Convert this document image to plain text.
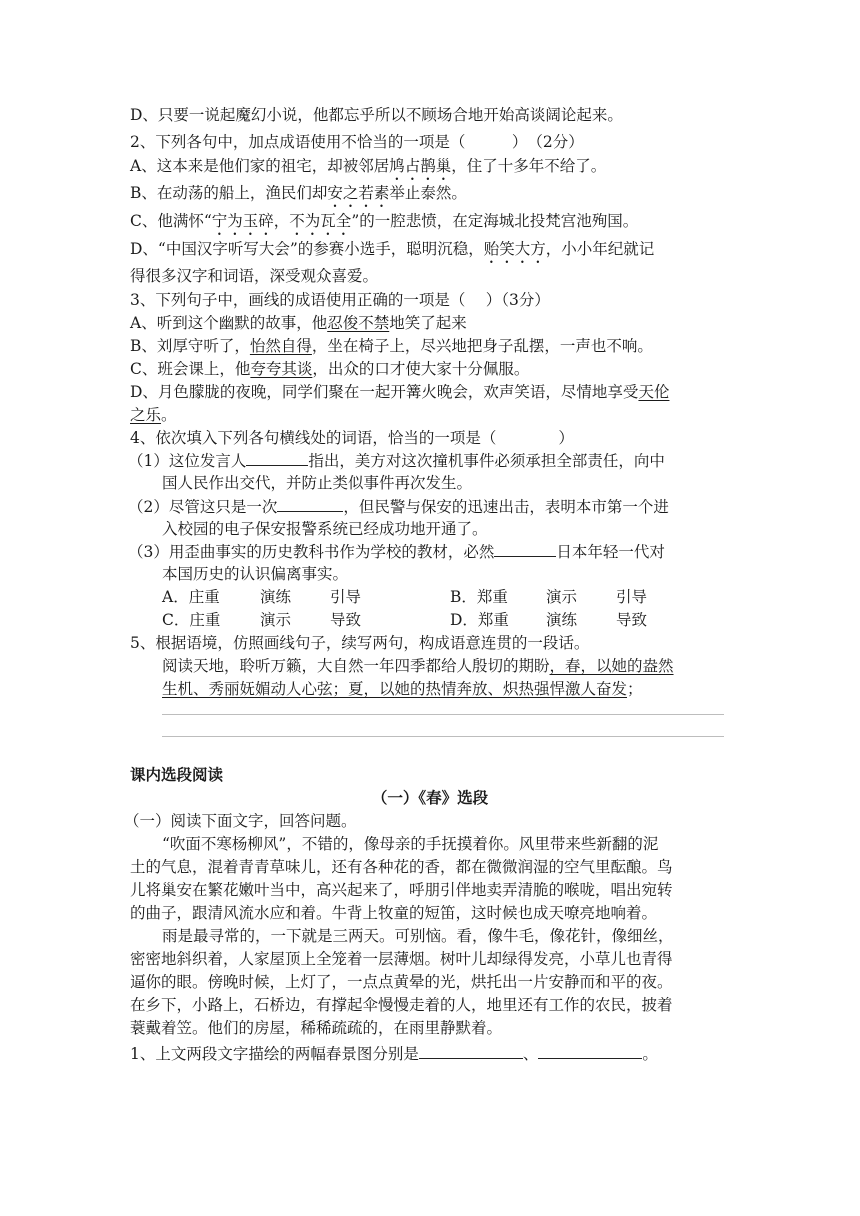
D、只要一说起魔幻小说，他都忘乎所以不顾场合地开始高谈阔论起来。
2、下列各句中，加点成语使用不恰当的一项是（　　　）　（2分）
A、这本来是他们家的祖宅，却被邻居鸠占鹊巢，住了十多年不给了。
B、在动荡的船上，渔民们却安之若素举止泰然。
C、他满怀“宁为玉碎，不为瓦全”的一腔悲愤，在定海城北投梵宫池殉国。
D、“中国汉字听写大会”的参赛小选手，聪明沉稳，贻笑大方，小小年纪就记
得很多汉字和词语，深受观众喜爱。
3、下列句子中，画线的成语使用正确的一项是（　 ）（3分）
A、听到这个幽默的故事，他忍俊不禁地笑了起来
B、刘厚守听了，怡然自得，坐在椅子上，尽兴地把身子乱摆，一声也不响。
C、班会课上，他夸夸其谈，出众的口才使大家十分佩服。
D、月色朦胧的夜晚，同学们聚在一起开篝火晚会，欢声笑语，尽情地享受天伦
之乐。
4、依次填入下列各句横线处的词语，恰当的一项是（　　　　）
（1）这位发言人	指出，美方对这次撞机事件必须承担全部责任，向中
国人民作出交代，并防止类似事件再次发生。
（2）尽管这只是一次	，但民警与保安的迅速出击，表明本市第一个进
入校园的电子保安报警系统已经成功地开通了。
（3）用歪曲事实的历史教科书作为学校的教材，必然	日本年轻一代对
本国历史的认识偏离事实。
A．庄重	演练	引导	B．郑重 演示	引导
C．庄重	演示	导致	D．郑重 演练	导致
5、根据语境，仿照画线句子，续写两句，构成语意连贯的一段话。
阅读天地，聆听万籁，大自然一年四季都给人殷切的期盼，春，以她的盎然
生机、秀丽妩媚动人心弦；夏，以她的热情奔放、炽热强悍激人奋发；
课内选段阅读
（一）《春》选段
（一）阅读下面文字，回答问题。
“吹面不寒杨柳风”，不错的，像母亲的手抚摸着你。风里带来些新翻的泥
土的气息，混着青青草味儿，还有各种花的香，都在微微润湿的空气里酝酿。鸟
儿将巢安在繁花嫩叶当中，高兴起来了，呼朋引伴地卖弄清脆的喉咙，唱出宛转
的曲子，跟清风流水应和着。牛背上牧童的短笛，这时候也成天嘹亮地响着。
雨是最寻常的，一下就是三两天。可别恼。看，像牛毛，像花针，像细丝，
密密地斜织着，人家屋顶上全笼着一层薄烟。树叶儿却绿得发亮，小草儿也青得
逼你的眼。傍晚时候，上灯了，一点点黄晕的光，烘托出一片安静而和平的夜。
在乡下，小路上，石桥边，有撑起伞慢慢走着的人，地里还有工作的农民，披着
蓑戴着笠。他们的房屋，稀稀疏疏的，在雨里静默着。
1、上文两段文字描绘的两幅春景图分别是	、	。
